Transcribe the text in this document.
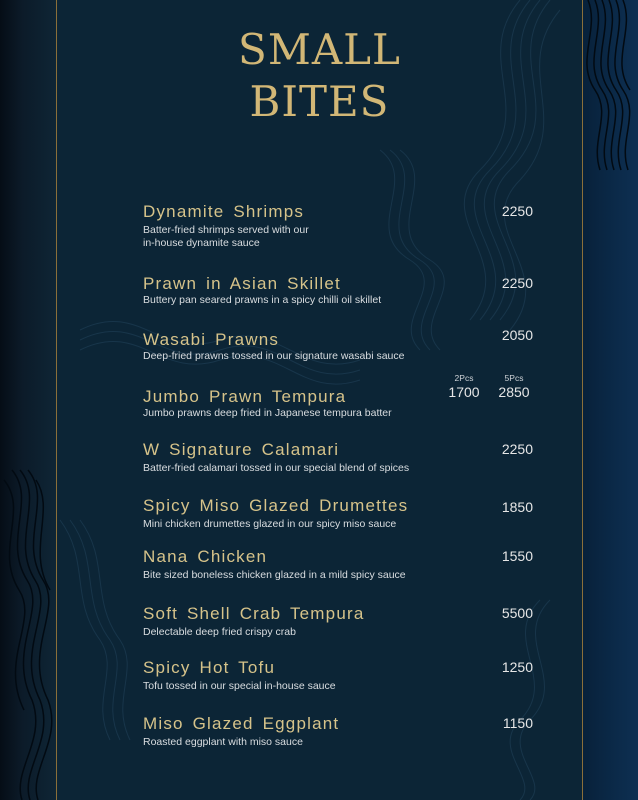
SMALL
BITES
Dynamite Shrimps
Batter-fried shrimps served with our
in-house dynamite sauce
2250
Prawn in Asian Skillet
Buttery pan seared prawns in a spicy chilli oil skillet
2250
Wasabi Prawns
Deep-fried prawns tossed in our signature wasabi sauce
2050
Jumbo Prawn Tempura
Jumbo prawns deep fried in Japanese tempura batter
2Pcs
1700
5Pcs
2850
W Signature Calamari
Batter-fried calamari tossed in our special blend of spices
2250
Spicy Miso Glazed Drumettes
Mini chicken drumettes glazed in our spicy miso sauce
1850
Nana Chicken
Bite sized boneless chicken glazed in a mild spicy sauce
1550
Soft Shell Crab Tempura
Delectable deep fried crispy crab
5500
Spicy Hot Tofu
Tofu tossed in our special in-house sauce
1250
Miso Glazed Eggplant
Roasted eggplant with miso sauce
1150
